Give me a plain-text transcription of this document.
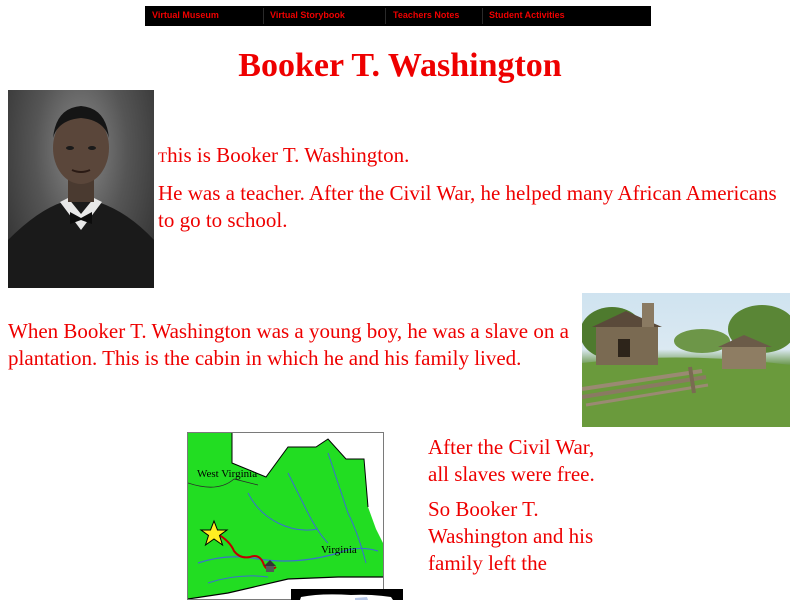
Virtual Museum	Virtual Storybook	Teachers Notes	Student Activities
Booker T. Washington

This is Booker T. Washington.

He was a teacher. After the Civil War, he helped many African Americans to go to school.

When Booker T. Washington was a young boy, he was a slave on a plantation. This is the cabin in which he and his family lived.

West Virginia
Virginia

After the Civil War, all slaves were free.

So Booker T. Washington and his family left the
